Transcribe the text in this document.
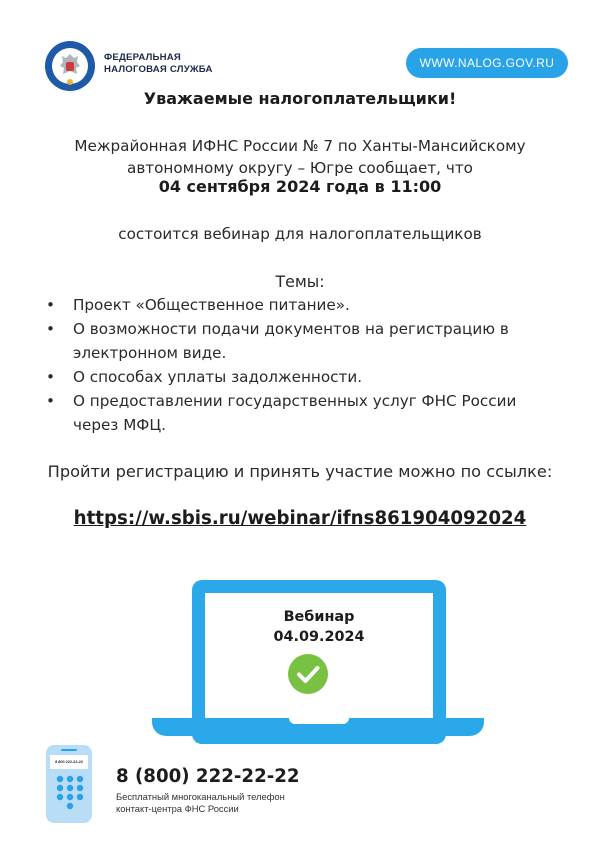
ФЕДЕРАЛЬНАЯ
НАЛОГОВАЯ СЛУЖБА	WWW.NALOG.GOV.RU
Уважаемые налогоплательщики!
Межрайонная ИФНС России № 7 по Ханты-Мансийскому автономному округу – Югре сообщает, что
04 сентября 2024 года в 11:00
состоится вебинар для налогоплательщиков
Темы:
• Проект «Общественное питание».
• О возможности подачи документов на регистрацию в электронном виде.
• О способах уплаты задолженности.
• О предоставлении государственных услуг ФНС России через МФЦ.
Пройти регистрацию и принять участие можно по ссылке:
https://w.sbis.ru/webinar/ifns861904092024
Вебинар
04.09.2024
8 800 222-22-22
8 (800) 222-22-22
Бесплатный многоканальный телефон
контакт-центра ФНС России
